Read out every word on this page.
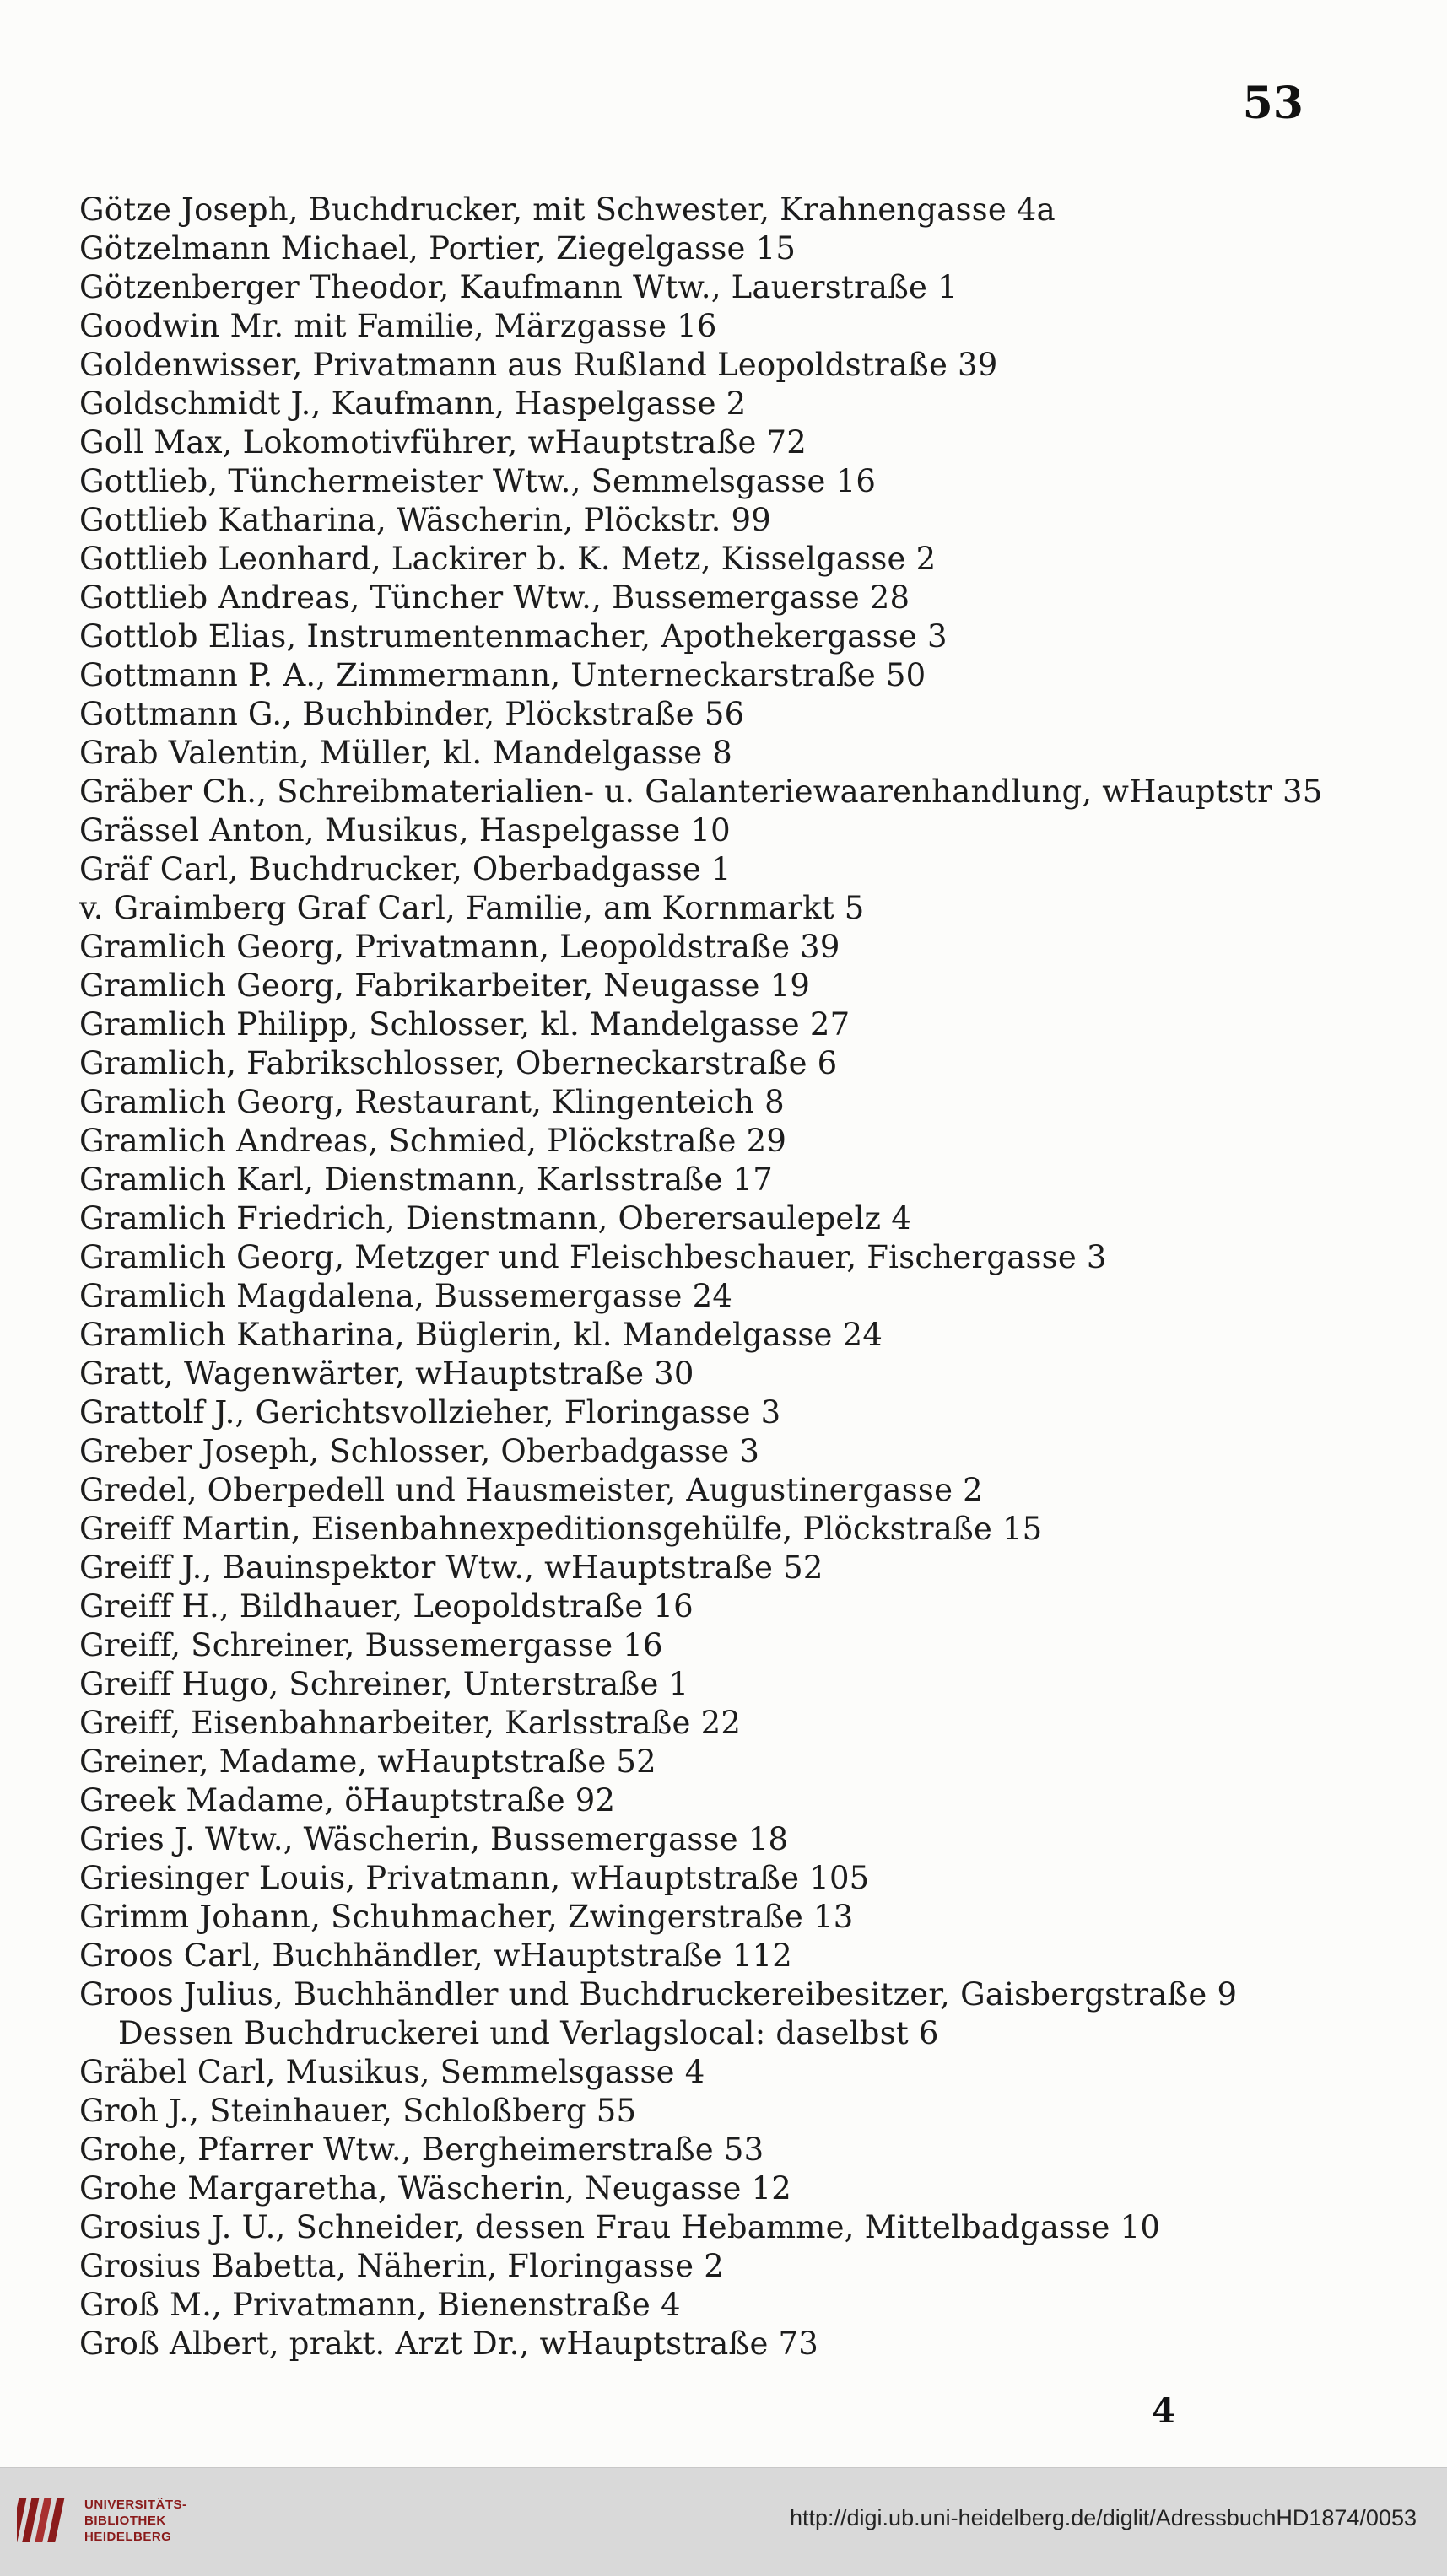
53
Götze Joseph, Buchdrucker, mit Schwester, Krahnengasse 4a
Götzelmann Michael, Portier, Ziegelgasse 15
Götzenberger Theodor, Kaufmann Wtw., Lauerstraße 1
Goodwin Mr. mit Familie, Märzgasse 16
Goldenwisser, Privatmann aus Rußland Leopoldstraße 39
Goldschmidt J., Kaufmann, Haspelgasse 2
Goll Max, Lokomotivführer, wHauptstraße 72
Gottlieb, Tünchermeister Wtw., Semmelsgasse 16
Gottlieb Katharina, Wäscherin, Plöckstr. 99
Gottlieb Leonhard, Lackirer b. K. Metz, Kisselgasse 2
Gottlieb Andreas, Tüncher Wtw., Bussemergasse 28
Gottlob Elias, Instrumentenmacher, Apothekergasse 3
Gottmann P. A., Zimmermann, Unterneckarstraße 50
Gottmann G., Buchbinder, Plöckstraße 56
Grab Valentin, Müller, kl. Mandelgasse 8
Gräber Ch., Schreibmaterialien- u. Galanteriewaarenhandlung, wHauptstr 35
Grässel Anton, Musikus, Haspelgasse 10
Gräf Carl, Buchdrucker, Oberbadgasse 1
v. Graimberg Graf Carl, Familie, am Kornmarkt 5
Gramlich Georg, Privatmann, Leopoldstraße 39
Gramlich Georg, Fabrikarbeiter, Neugasse 19
Gramlich Philipp, Schlosser, kl. Mandelgasse 27
Gramlich, Fabrikschlosser, Oberneckarstraße 6
Gramlich Georg, Restaurant, Klingenteich 8
Gramlich Andreas, Schmied, Plöckstraße 29
Gramlich Karl, Dienstmann, Karlsstraße 17
Gramlich Friedrich, Dienstmann, Oberersaulepelz 4
Gramlich Georg, Metzger und Fleischbeschauer, Fischergasse 3
Gramlich Magdalena, Bussemergasse 24
Gramlich Katharina, Büglerin, kl. Mandelgasse 24
Gratt, Wagenwärter, wHauptstraße 30
Grattolf J., Gerichtsvollzieher, Floringasse 3
Greber Joseph, Schlosser, Oberbadgasse 3
Gredel, Oberpedell und Hausmeister, Augustinergasse 2
Greiff Martin, Eisenbahnexpeditionsgehülfe, Plöckstraße 15
Greiff J., Bauinspektor Wtw., wHauptstraße 52
Greiff H., Bildhauer, Leopoldstraße 16
Greiff, Schreiner, Bussemergasse 16
Greiff Hugo, Schreiner, Unterstraße 1
Greiff, Eisenbahnarbeiter, Karlsstraße 22
Greiner, Madame, wHauptstraße 52
Greek Madame, öHauptstraße 92
Gries J. Wtw., Wäscherin, Bussemergasse 18
Griesinger Louis, Privatmann, wHauptstraße 105
Grimm Johann, Schuhmacher, Zwingerstraße 13
Groos Carl, Buchhändler, wHauptstraße 112
Groos Julius, Buchhändler und Buchdruckereibesitzer, Gaisbergstraße 9
Dessen Buchdruckerei und Verlagslocal: daselbst 6
Gräbel Carl, Musikus, Semmelsgasse 4
Groh J., Steinhauer, Schloßberg 55
Grohe, Pfarrer Wtw., Bergheimerstraße 53
Grohe Margaretha, Wäscherin, Neugasse 12
Grosius J. U., Schneider, dessen Frau Hebamme, Mittelbadgasse 10
Grosius Babetta, Näherin, Floringasse 2
Groß M., Privatmann, Bienenstraße 4
Groß Albert, prakt. Arzt Dr., wHauptstraße 73
4
UNIVERSITÄTS-
BIBLIOTHEK
HEIDELBERG
http://digi.ub.uni-heidelberg.de/diglit/AdressbuchHD1874/0053
